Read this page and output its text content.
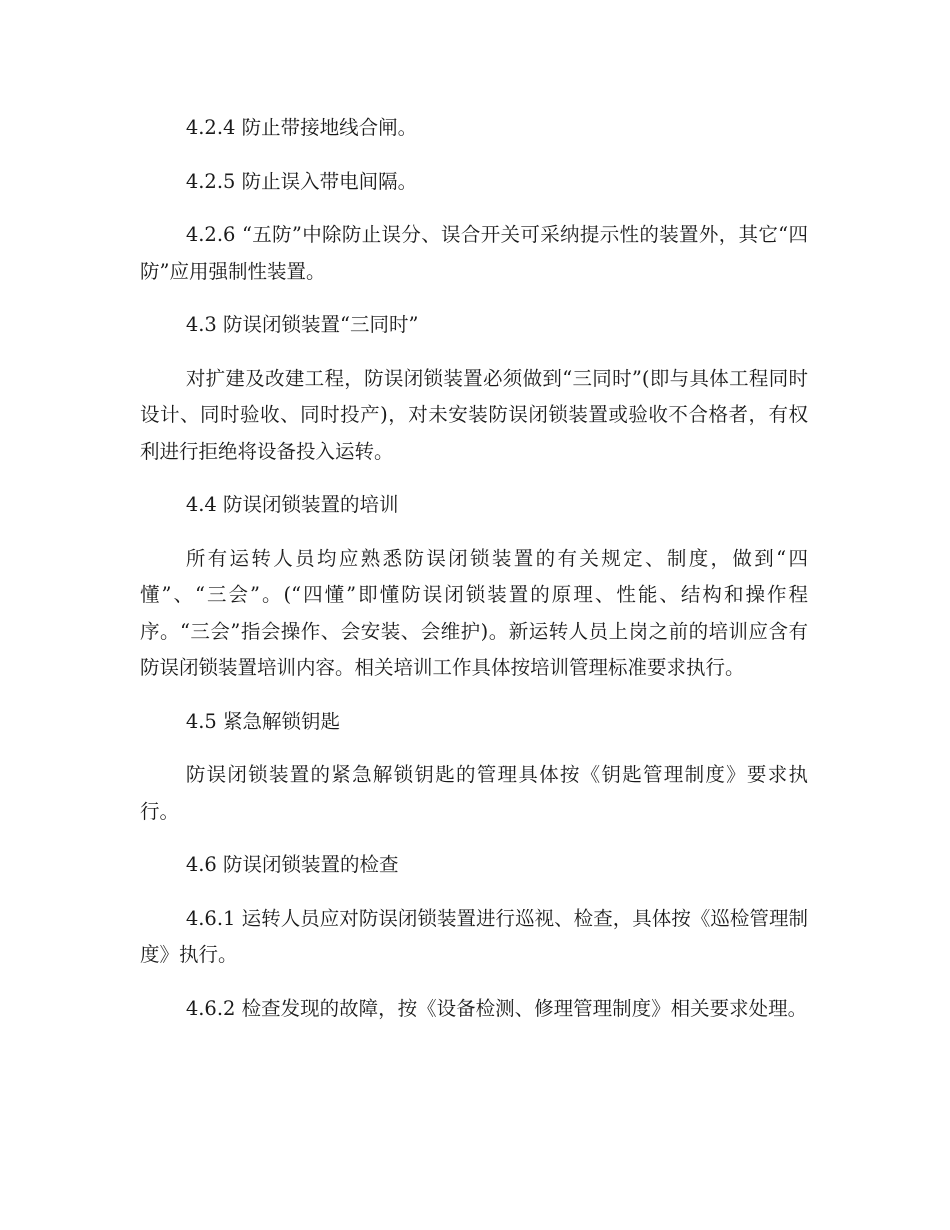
4.2.4 防止带接地线合闸。

4.2.5 防止误入带电间隔。

4.2.6 “五防”中除防止误分、误合开关可采纳提示性的装置外，其它“四防”应用强制性装置。

4.3 防误闭锁装置“三同时”

对扩建及改建工程，防误闭锁装置必须做到“三同时”(即与具体工程同时设计、同时验收、同时投产)，对未安装防误闭锁装置或验收不合格者，有权利进行拒绝将设备投入运转。

4.4 防误闭锁装置的培训

所有运转人员均应熟悉防误闭锁装置的有关规定、制度，做到“四懂”、“三会”。(“四懂”即懂防误闭锁装置的原理、性能、结构和操作程序。“三会”指会操作、会安装、会维护)。新运转人员上岗之前的培训应含有防误闭锁装置培训内容。相关培训工作具体按培训管理标准要求执行。

4.5 紧急解锁钥匙

防误闭锁装置的紧急解锁钥匙的管理具体按《钥匙管理制度》要求执行。

4.6 防误闭锁装置的检查

4.6.1 运转人员应对防误闭锁装置进行巡视、检查，具体按《巡检管理制度》执行。

4.6.2 检查发现的故障，按《设备检测、修理管理制度》相关要求处理。
